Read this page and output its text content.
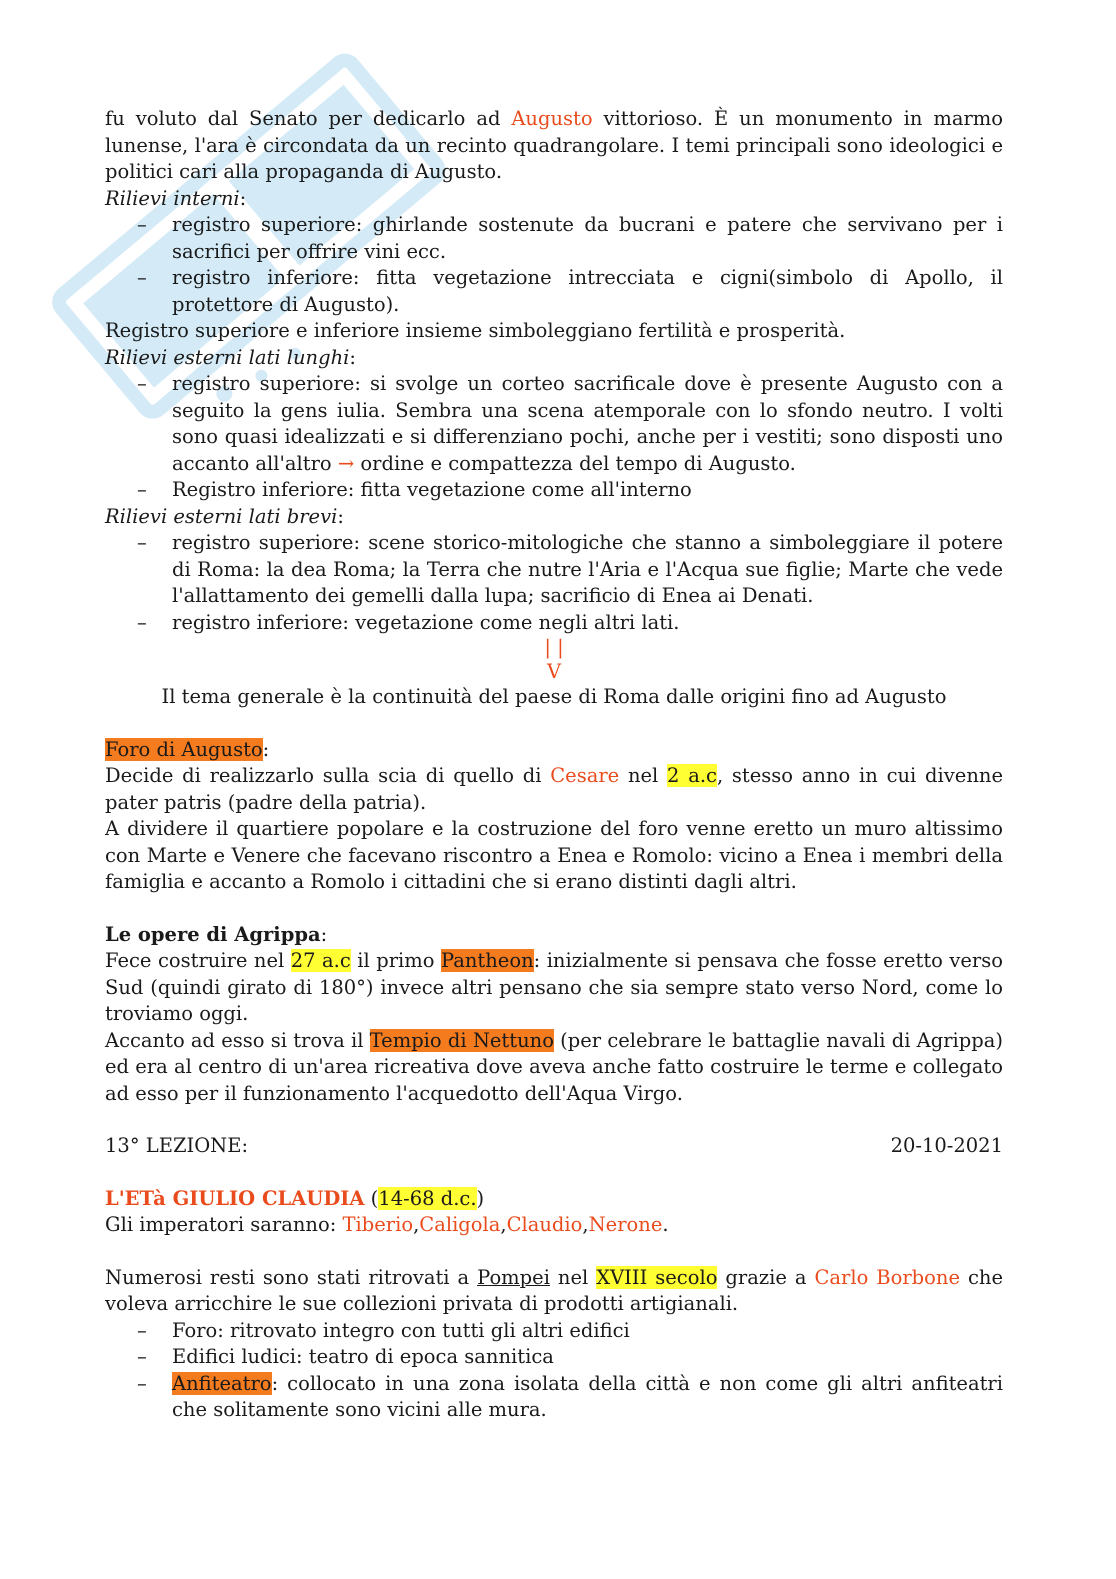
fu voluto dal Senato per dedicarlo ad Augusto vittorioso. È un monumento in marmo lunense, l'ara è circondata da un recinto quadrangolare. I temi principali sono ideologici e politici cari alla propaganda di Augusto.

Rilievi interni:

– registro superiore: ghirlande sostenute da bucrani e patere che servivano per i sacrifici per offrire vini ecc.
– registro inferiore: fitta vegetazione intrecciata e cigni(simbolo di Apollo, il protettore di Augusto).

Registro superiore e inferiore insieme simboleggiano fertilità e prosperità.

Rilievi esterni lati lunghi:

– registro superiore: si svolge un corteo sacrificale dove è presente Augusto con a seguito la gens iulia. Sembra una scena atemporale con lo sfondo neutro. I volti sono quasi idealizzati e si differenziano pochi, anche per i vestiti; sono disposti uno accanto all'altro → ordine e compattezza del tempo di Augusto.
– Registro inferiore: fitta vegetazione come all'interno

Rilievi esterni lati brevi:

– registro superiore: scene storico-mitologiche che stanno a simboleggiare il potere di Roma: la dea Roma; la Terra che nutre l'Aria e l'Acqua sue figlie; Marte che vede l'allattamento dei gemelli dalla lupa; sacrificio di Enea ai Denati.
– registro inferiore: vegetazione come negli altri lati.
| |
V

Il tema generale è la continuità del paese di Roma dalle origini fino ad Augusto

Foro di Augusto:

Decide di realizzarlo sulla scia di quello di Cesare nel 2 a.c, stesso anno in cui divenne pater patris (padre della patria).

A dividere il quartiere popolare e la costruzione del foro venne eretto un muro altissimo con Marte e Venere che facevano riscontro a Enea e Romolo: vicino a Enea i membri della famiglia e accanto a Romolo i cittadini che si erano distinti dagli altri.

Le opere di Agrippa:

Fece costruire nel 27 a.c il primo Pantheon: inizialmente si pensava che fosse eretto verso Sud (quindi girato di 180°) invece altri pensano che sia sempre stato verso Nord, come lo troviamo oggi.

Accanto ad esso si trova il Tempio di Nettuno (per celebrare le battaglie navali di Agrippa) ed era al centro di un'area ricreativa dove aveva anche fatto costruire le terme e collegato ad esso per il funzionamento l'acquedotto dell'Aqua Virgo.

13° LEZIONE:	20-10-2021

L'ETà GIULIO CLAUDIA (14-68 d.c.)

Gli imperatori saranno: Tiberio,Caligola,Claudio,Nerone.

Numerosi resti sono stati ritrovati a Pompei nel XVIII secolo grazie a Carlo Borbone che voleva arricchire le sue collezioni privata di prodotti artigianali.

– Foro: ritrovato integro con tutti gli altri edifici
– Edifici ludici: teatro di epoca sannitica
– Anfiteatro: collocato in una zona isolata della città e non come gli altri anfiteatri che solitamente sono vicini alle mura.
